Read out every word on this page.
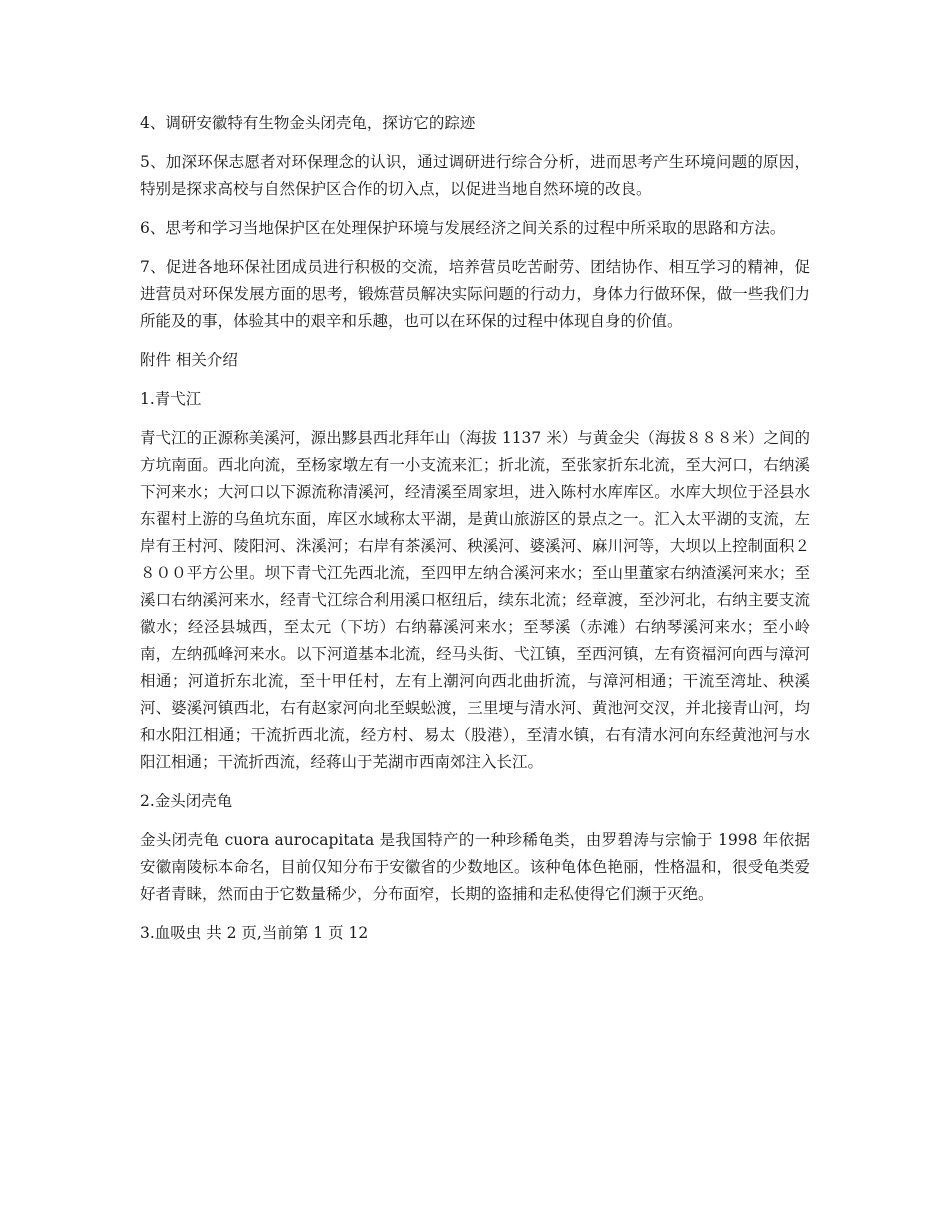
4、调研安徽特有生物金头闭壳龟，探访它的踪迹

5、加深环保志愿者对环保理念的认识，通过调研进行综合分析，进而思考产生环境问题的原因，特别是探求高校与自然保护区合作的切入点，以促进当地自然环境的改良。

6、思考和学习当地保护区在处理保护环境与发展经济之间关系的过程中所采取的思路和方法。

7、促进各地环保社团成员进行积极的交流，培养营员吃苦耐劳、团结协作、相互学习的精神，促进营员对环保发展方面的思考，锻炼营员解决实际问题的行动力，身体力行做环保，做一些我们力所能及的事，体验其中的艰辛和乐趣，也可以在环保的过程中体现自身的价值。

附件 相关介绍

1.青弋江

青弋江的正源称美溪河，源出黟县西北拜年山（海拔 1137 米）与黄金尖（海拔８８８米）之间的方坑南面。西北向流，至杨家墩左有一小支流来汇；折北流，至张家折东北流，至大河口，右纳溪下河来水；大河口以下源流称清溪河，经清溪至周家坦，进入陈村水库库区。水库大坝位于泾县水东翟村上游的乌鱼坑东面，库区水域称太平湖，是黄山旅游区的景点之一。汇入太平湖的支流，左岸有王村河、陵阳河、洙溪河；右岸有茶溪河、秧溪河、婆溪河、麻川河等，大坝以上控制面积２８００平方公里。坝下青弋江先西北流，至四甲左纳合溪河来水；至山里董家右纳渣溪河来水；至溪口右纳溪河来水，经青弋江综合利用溪口枢纽后，续东北流；经章渡，至沙河北，右纳主要支流徽水；经泾县城西，至太元（下坊）右纳幕溪河来水；至琴溪（赤滩）右纳琴溪河来水；至小岭南，左纳孤峰河来水。以下河道基本北流，经马头街、弋江镇，至西河镇，左有资福河向西与漳河相通；河道折东北流，至十甲任村，左有上潮河向西北曲折流，与漳河相通；干流至湾址、秧溪河、婆溪河镇西北，右有赵家河向北至蜈蚣渡，三里埂与清水河、黄池河交汊，并北接青山河，均和水阳江相通；干流折西北流，经方村、易太（股港），至清水镇，右有清水河向东经黄池河与水阳江相通；干流折西流，经蒋山于芜湖市西南郊注入长江。

2.金头闭壳龟

金头闭壳龟 cuora aurocapitata 是我国特产的一种珍稀龟类，由罗碧涛与宗愉于 1998 年依据安徽南陵标本命名，目前仅知分布于安徽省的少数地区。该种龟体色艳丽，性格温和，很受龟类爱好者青睐，然而由于它数量稀少，分布面窄，长期的盗捕和走私使得它们濒于灭绝。

3.血吸虫 共 2 页,当前第 1 页 12
